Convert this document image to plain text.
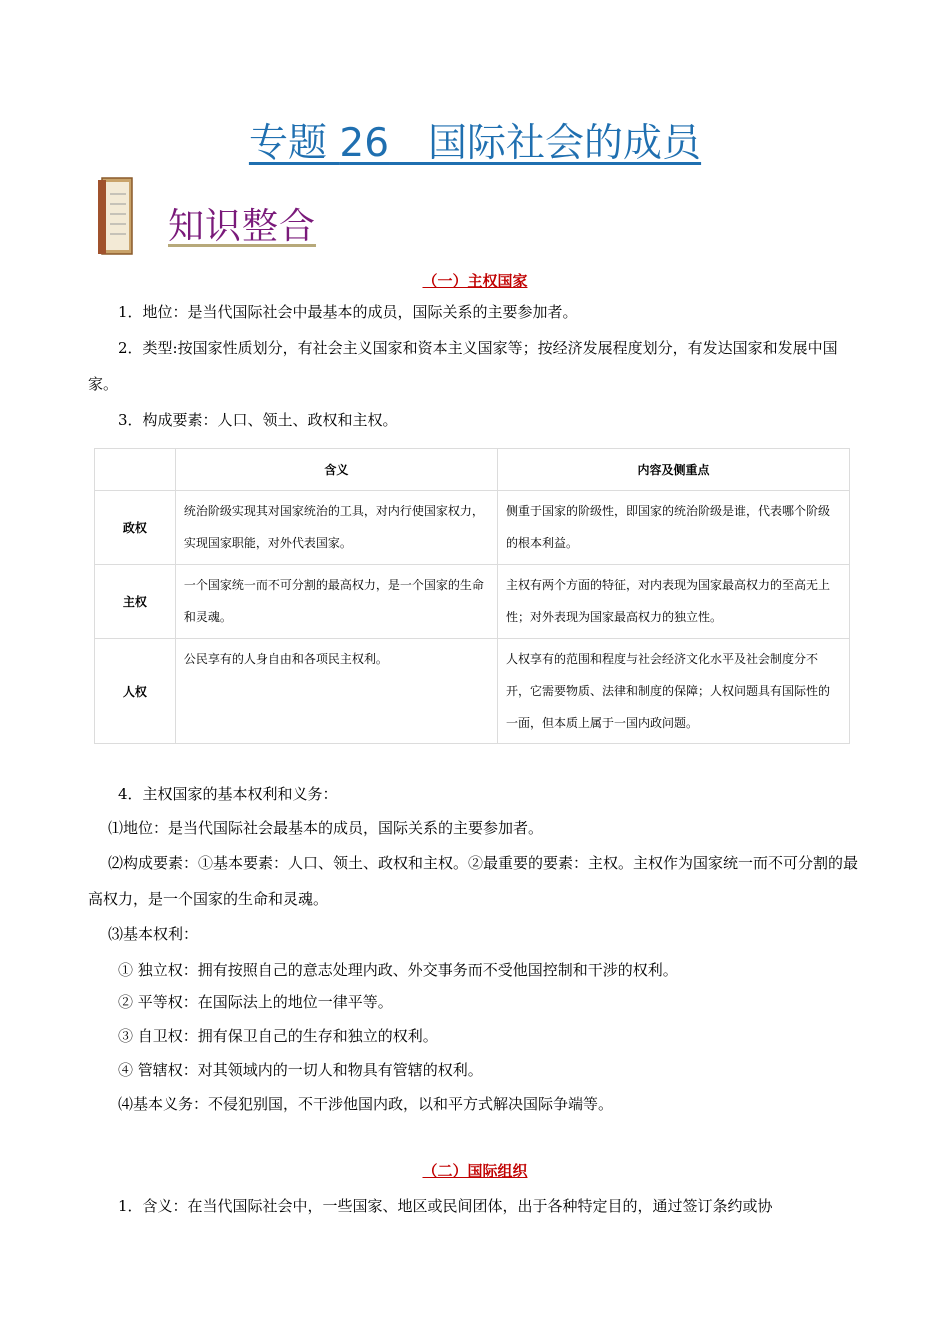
专题 26　 国际社会的成员
知识整合
（一）主权国家
1．地位：是当代国际社会中最基本的成员，国际关系的主要参加者。
2．类型:按国家性质划分，有社会主义国家和资本主义国家等；按经济发展程度划分，有发达国家和发展中国家。
3．构成要素：人口、领土、政权和主权。
	含义	内容及侧重点
政权	统治阶级实现其对国家统治的工具，对内行使国家权力，实现国家职能，对外代表国家。	侧重于国家的阶级性，即国家的统治阶级是谁，代表哪个阶级的根本利益。
主权	一个国家统一而不可分割的最高权力，是一个国家的生命和灵魂。	主权有两个方面的特征，对内表现为国家最高权力的至高无上性；对外表现为国家最高权力的独立性。
人权	公民享有的人身自由和各项民主权利。	人权享有的范围和程度与社会经济文化水平及社会制度分不开，它需要物质、法律和制度的保障；人权问题具有国际性的一面，但本质上属于一国内政问题。
4．主权国家的基本权利和义务：
⑴地位：是当代国际社会最基本的成员，国际关系的主要参加者。
⑵构成要素：①基本要素：人口、领土、政权和主权。②最重要的要素：主权。主权作为国家统一而不可分割的最高权力，是一个国家的生命和灵魂。
⑶基本权利：
① 独立权：拥有按照自己的意志处理内政、外交事务而不受他国控制和干涉的权利。
② 平等权：在国际法上的地位一律平等。
③ 自卫权：拥有保卫自己的生存和独立的权利。
④ 管辖权：对其领域内的一切人和物具有管辖的权利。
⑷基本义务：不侵犯别国，不干涉他国内政，以和平方式解决国际争端等。
（二）国际组织
1．含义：在当代国际社会中，一些国家、地区或民间团体，出于各种特定目的，通过签订条约或协
